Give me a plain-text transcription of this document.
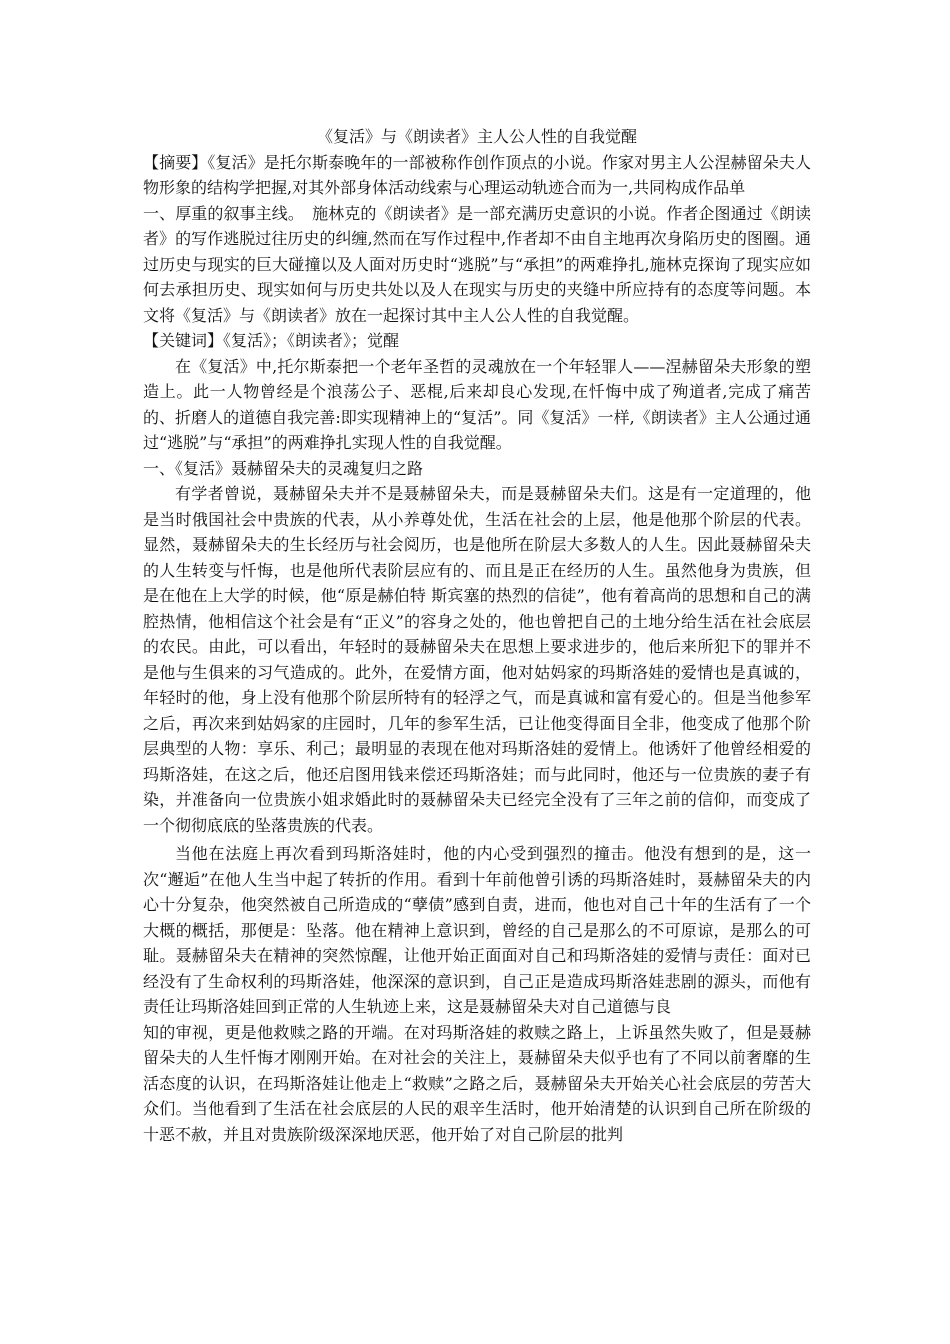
《复活》与《朗读者》主人公人性的自我觉醒

【摘要】《复活》是托尔斯泰晚年的一部被称作创作顶点的小说。作家对男主人公涅赫留朵夫人物形象的结构学把握,对其外部身体活动线索与心理运动轨迹合而为一,共同构成作品单

一、厚重的叙事主线。　施林克的《朗读者》是一部充满历史意识的小说。作者企图通过《朗读者》的写作逃脱过往历史的纠缠,然而在写作过程中,作者却不由自主地再次身陷历史的图圈。通过历史与现实的巨大碰撞以及人面对历史时“逃脱”与“承担”的两难挣扎,施林克探询了现实应如何去承担历史、现实如何与历史共处以及人在现实与历史的夹缝中所应持有的态度等问题。本文将《复活》与《朗读者》放在一起探讨其中主人公人性的自我觉醒。

【关键词】《复活》；《朗读者》；觉醒

在《复活》中,托尔斯泰把一个老年圣哲的灵魂放在一个年轻罪人——涅赫留朵夫形象的塑造上。此一人物曾经是个浪荡公子、恶棍,后来却良心发现,在忏悔中成了殉道者,完成了痛苦的、折磨人的道德自我完善:即实现精神上的“复活”。同《复活》一样,《朗读者》主人公通过通过“逃脱”与“承担”的两难挣扎实现人性的自我觉醒。

一、《复活》聂赫留朵夫的灵魂复归之路

有学者曾说，聂赫留朵夫并不是聂赫留朵夫，而是聂赫留朵夫们。这是有一定道理的，他是当时俄国社会中贵族的代表，从小养尊处优，生活在社会的上层，他是他那个阶层的代表。显然，聂赫留朵夫的生长经历与社会阅历，也是他所在阶层大多数人的人生。因此聂赫留朵夫的人生转变与忏悔，也是他所代表阶层应有的、而且是正在经历的人生。虽然他身为贵族，但是在他在上大学的时候，他“原是赫伯特 斯宾塞的热烈的信徒”，他有着高尚的思想和自己的满腔热情，他相信这个社会是有“正义”的容身之处的，他也曾把自己的土地分给生活在社会底层的农民。由此，可以看出，年轻时的聂赫留朵夫在思想上要求进步的，他后来所犯下的罪并不是他与生俱来的习气造成的。此外，在爱情方面，他对姑妈家的玛斯洛娃的爱情也是真诚的，年轻时的他，身上没有他那个阶层所特有的轻浮之气，而是真诚和富有爱心的。但是当他参军之后，再次来到姑妈家的庄园时，几年的参军生活，已让他变得面目全非，他变成了他那个阶层典型的人物：享乐、利己；最明显的表现在他对玛斯洛娃的爱情上。他诱奸了他曾经相爱的玛斯洛娃，在这之后，他还启图用钱来偿还玛斯洛娃；而与此同时，他还与一位贵族的妻子有染，并准备向一位贵族小姐求婚此时的聂赫留朵夫已经完全没有了三年之前的信仰，而变成了一个彻彻底底的坠落贵族的代表。

当他在法庭上再次看到玛斯洛娃时，他的内心受到强烈的撞击。他没有想到的是，这一次“邂逅”在他人生当中起了转折的作用。看到十年前他曾引诱的玛斯洛娃时，聂赫留朵夫的内心十分复杂，他突然被自己所造成的“孽债”感到自责，进而，他也对自己十年的生活有了一个大概的概括，那便是：坠落。他在精神上意识到，曾经的自己是那么的不可原谅，是那么的可耻。聂赫留朵夫在精神的突然惊醒，让他开始正面面对自己和玛斯洛娃的爱情与责任：面对已经没有了生命权利的玛斯洛娃，他深深的意识到，自己正是造成玛斯洛娃悲剧的源头，而他有责任让玛斯洛娃回到正常的人生轨迹上来，这是聂赫留朵夫对自己道德与良

知的审视，更是他救赎之路的开端。在对玛斯洛娃的救赎之路上，上诉虽然失败了，但是聂赫留朵夫的人生忏悔才刚刚开始。在对社会的关注上，聂赫留朵夫似乎也有了不同以前奢靡的生活态度的认识，在玛斯洛娃让他走上“救赎”之路之后，聂赫留朵夫开始关心社会底层的劳苦大众们。当他看到了生活在社会底层的人民的艰辛生活时，他开始清楚的认识到自己所在阶级的十恶不赦，并且对贵族阶级深深地厌恶，他开始了对自己阶层的批判
